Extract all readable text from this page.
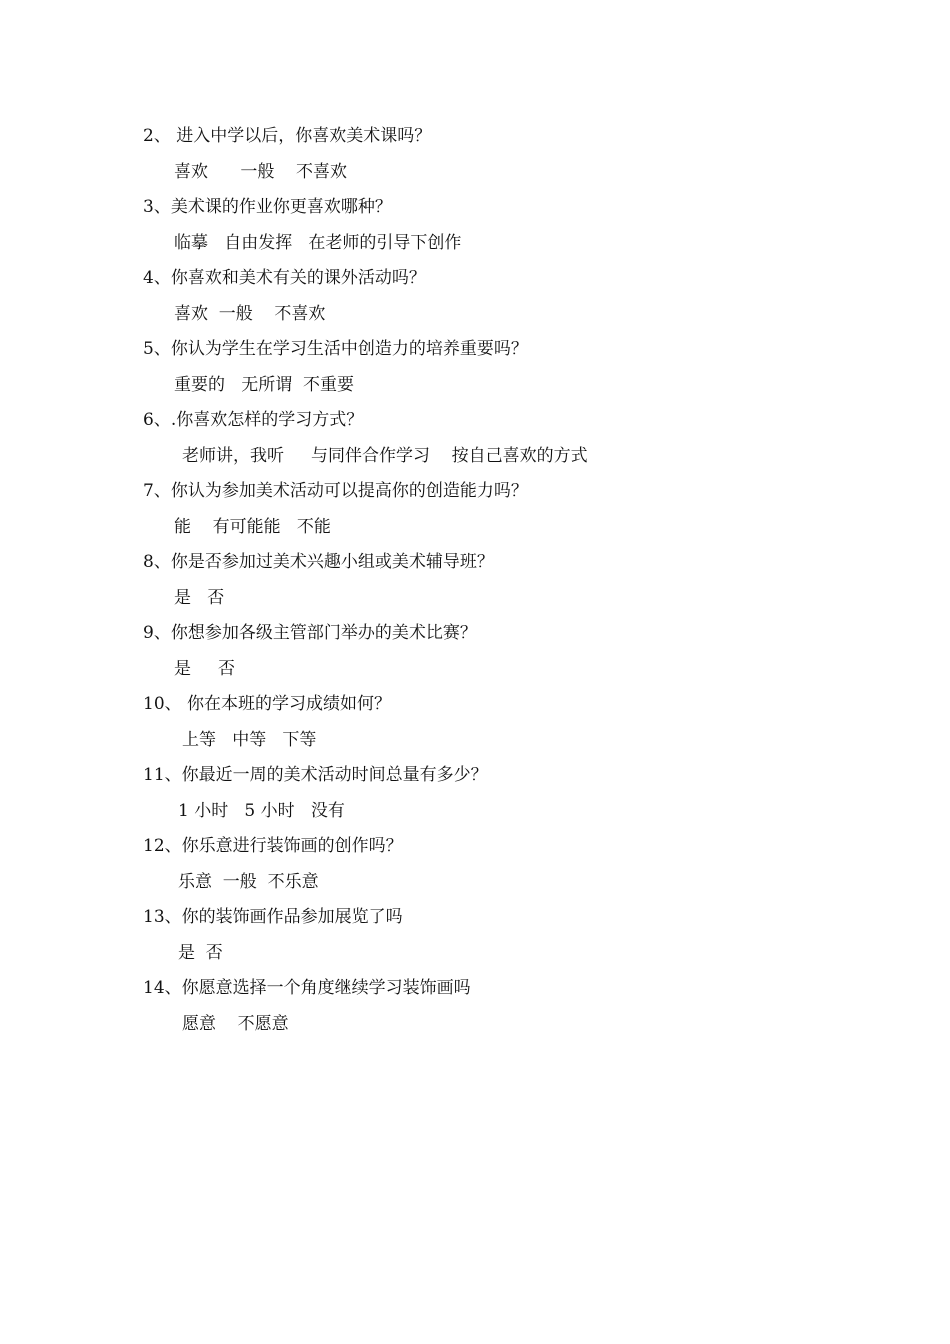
2、 进入中学以后，你喜欢美术课吗？
喜欢      一般    不喜欢
3、美术课的作业你更喜欢哪种？
临摹   自由发挥   在老师的引导下创作
4、你喜欢和美术有关的课外活动吗？
喜欢  一般    不喜欢
5、你认为学生在学习生活中创造力的培养重要吗？
重要的   无所谓  不重要
6、.你喜欢怎样的学习方式？
老师讲，我听     与同伴合作学习    按自己喜欢的方式
7、你认为参加美术活动可以提高你的创造能力吗？
能    有可能能   不能
8、你是否参加过美术兴趣小组或美术辅导班？
是   否
9、你想参加各级主管部门举办的美术比赛？
是     否
10、 你在本班的学习成绩如何？
上等   中等   下等
11、你最近一周的美术活动时间总量有多少？
1 小时   5 小时   没有
12、你乐意进行装饰画的创作吗？
乐意  一般  不乐意
13、你的装饰画作品参加展览了吗
是  否
14、你愿意选择一个角度继续学习装饰画吗
愿意    不愿意
